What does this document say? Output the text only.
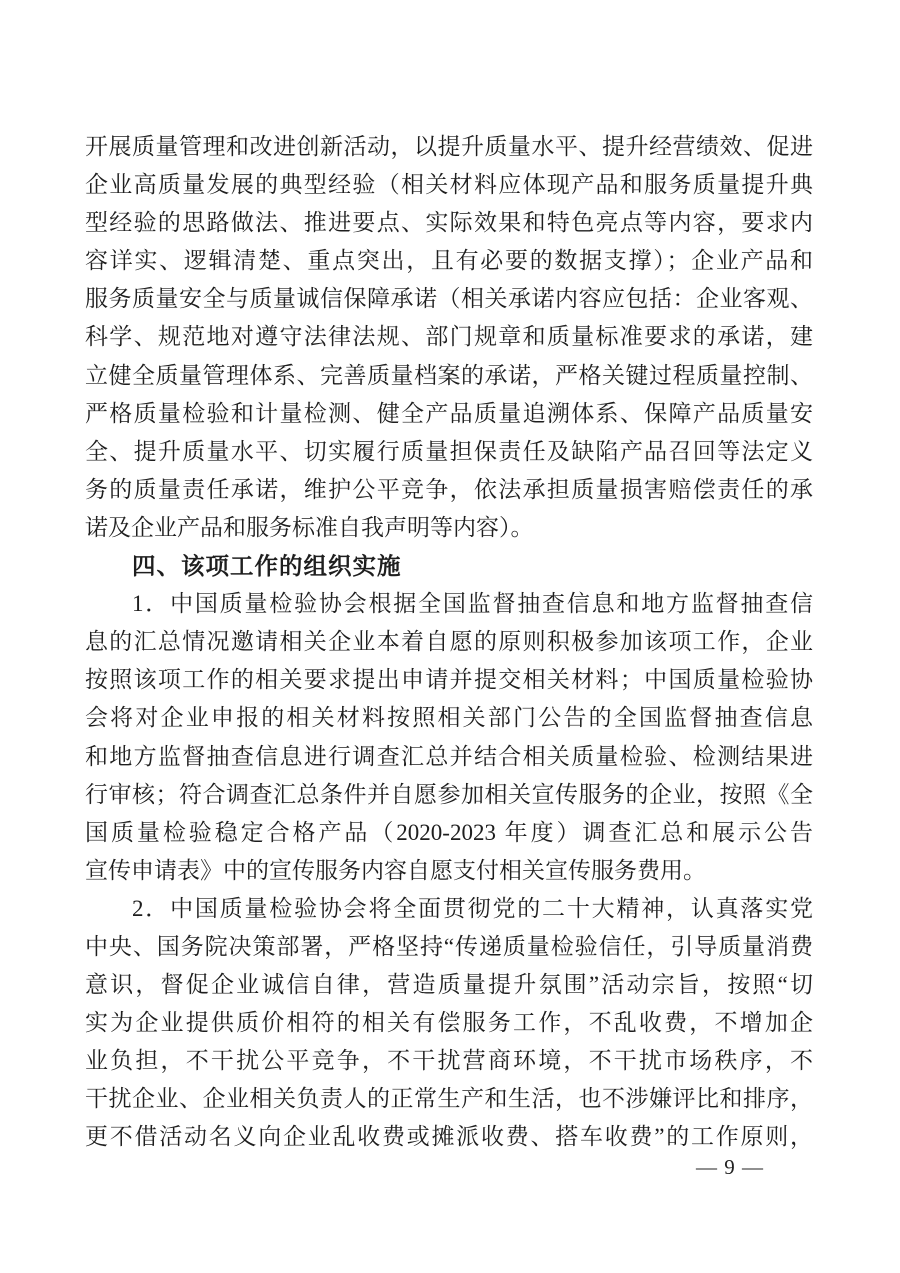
开展质量管理和改进创新活动，以提升质量水平、提升经营绩效、促进
企业高质量发展的典型经验（相关材料应体现产品和服务质量提升典
型经验的思路做法、推进要点、实际效果和特色亮点等内容，要求内
容详实、逻辑清楚、重点突出，且有必要的数据支撑）；企业产品和
服务质量安全与质量诚信保障承诺（相关承诺内容应包括：企业客观、
科学、规范地对遵守法律法规、部门规章和质量标准要求的承诺，建
立健全质量管理体系、完善质量档案的承诺，严格关键过程质量控制、
严格质量检验和计量检测、健全产品质量追溯体系、保障产品质量安
全、提升质量水平、切实履行质量担保责任及缺陷产品召回等法定义
务的质量责任承诺，维护公平竞争，依法承担质量损害赔偿责任的承
诺及企业产品和服务标准自我声明等内容）。
四、该项工作的组织实施
1．中国质量检验协会根据全国监督抽查信息和地方监督抽查信
息的汇总情况邀请相关企业本着自愿的原则积极参加该项工作，企业
按照该项工作的相关要求提出申请并提交相关材料；中国质量检验协
会将对企业申报的相关材料按照相关部门公告的全国监督抽查信息
和地方监督抽查信息进行调查汇总并结合相关质量检验、检测结果进
行审核；符合调查汇总条件并自愿参加相关宣传服务的企业，按照《全
国质量检验稳定合格产品（2020-2023 年度）调查汇总和展示公告
宣传申请表》中的宣传服务内容自愿支付相关宣传服务费用。
2．中国质量检验协会将全面贯彻党的二十大精神，认真落实党
中央、国务院决策部署，严格坚持“传递质量检验信任，引导质量消费
意识，督促企业诚信自律，营造质量提升氛围”活动宗旨，按照“切
实为企业提供质价相符的相关有偿服务工作，不乱收费，不增加企
业负担，不干扰公平竞争，不干扰营商环境，不干扰市场秩序，不
干扰企业、企业相关负责人的正常生产和生活，也不涉嫌评比和排序，
更不借活动名义向企业乱收费或摊派收费、搭车收费”的工作原则，
— 9 —
